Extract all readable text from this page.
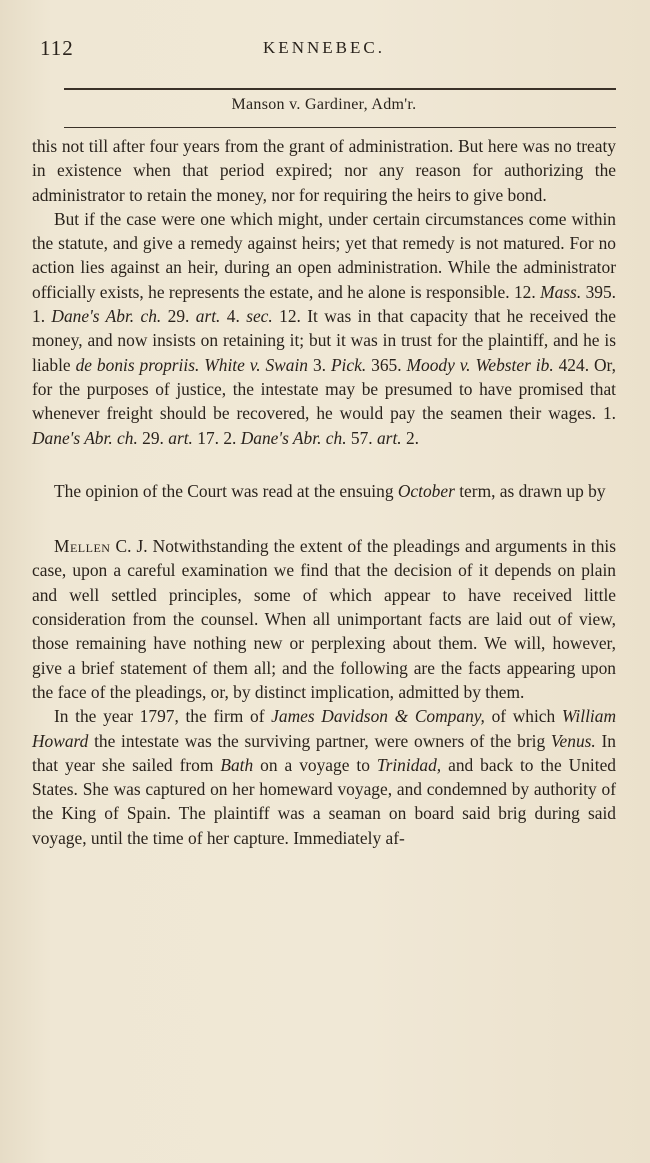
112	KENNEBEC.
Manson v. Gardiner, Adm'r.

this not till after four years from the grant of administration. But here was no treaty in existence when that period expired; nor any reason for authorizing the administrator to retain the money, nor for requiring the heirs to give bond.

But if the case were one which might, under certain circumstances come within the statute, and give a remedy against heirs; yet that remedy is not matured. For no action lies against an heir, during an open administration. While the administrator officially exists, he represents the estate, and he alone is responsible. 12. Mass. 395. 1. Dane's Abr. ch. 29. art. 4. sec. 12. It was in that capacity that he received the money, and now insists on retaining it; but it was in trust for the plaintiff, and he is liable de bonis propriis. White v. Swain 3. Pick. 365. Moody v. Webster ib. 424. Or, for the purposes of justice, the intestate may be presumed to have promised that whenever freight should be recovered, he would pay the seamen their wages. 1. Dane's Abr. ch. 29. art. 17. 2. Dane's Abr. ch. 57. art. 2.

The opinion of the Court was read at the ensuing October term, as drawn up by

Mellen C. J. Notwithstanding the extent of the pleadings and arguments in this case, upon a careful examination we find that the decision of it depends on plain and well settled principles, some of which appear to have received little consideration from the counsel. When all unimportant facts are laid out of view, those remaining have nothing new or perplexing about them. We will, however, give a brief statement of them all; and the following are the facts appearing upon the face of the pleadings, or, by distinct implication, admitted by them.

In the year 1797, the firm of James Davidson & Company, of which William Howard the intestate was the surviving partner, were owners of the brig Venus. In that year she sailed from Bath on a voyage to Trinidad, and back to the United States. She was captured on her homeward voyage, and condemned by authority of the King of Spain. The plaintiff was a seaman on board said brig during said voyage, until the time of her capture. Immediately af-
